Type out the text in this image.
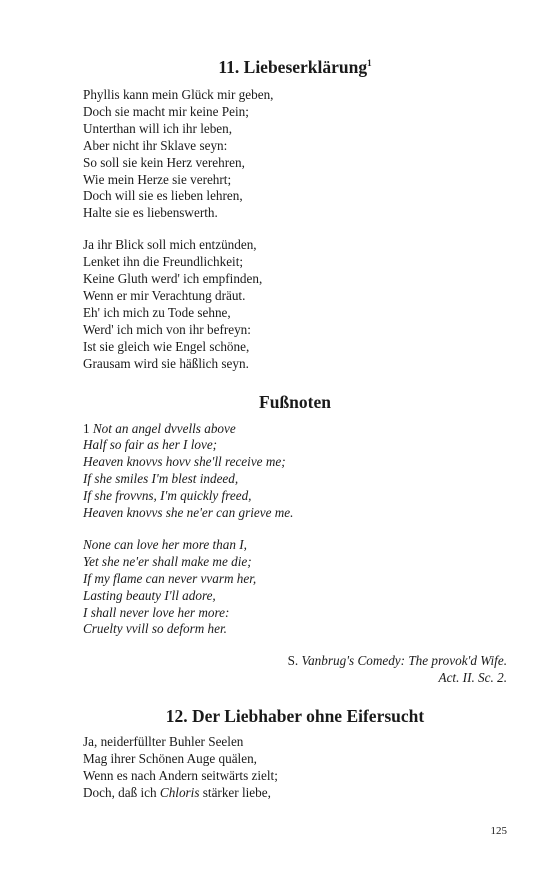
11. Liebeserklärung$^1$
Phyllis kann mein Glück mir geben,
Doch sie macht mir keine Pein;
Unterthan will ich ihr leben,
Aber nicht ihr Sklave seyn:
So soll sie kein Herz verehren,
Wie mein Herze sie verehrt;
Doch will sie es lieben lehren,
Halte sie es liebenswerth.
Ja ihr Blick soll mich entzünden,
Lenket ihn die Freundlichkeit;
Keine Gluth werd' ich empfinden,
Wenn er mir Verachtung dräut.
Eh' ich mich zu Tode sehne,
Werd' ich mich von ihr befreyn:
Ist sie gleich wie Engel schöne,
Grausam wird sie häßlich seyn.
Fußnoten
1 Not an angel dvvells above
Half so fair as her I love;
Heaven knovvs hovv she'll receive me;
If she smiles I'm blest indeed,
If she frovvns, I'm quickly freed,
Heaven knovvs she ne'er can grieve me.
None can love her more than I,
Yet she ne'er shall make me die;
If my flame can never vvarm her,
Lasting beauty I'll adore,
I shall never love her more:
Cruelty vvill so deform her.
S. Vanbrug's Comedy: The provok'd Wife.
Act. II. Sc. 2.
12. Der Liebhaber ohne Eifersucht
Ja, neiderfüllter Buhler Seelen
Mag ihrer Schönen Auge quälen,
Wenn es nach Andern seitwärts zielt;
Doch, daß ich Chloris stärker liebe,
125
